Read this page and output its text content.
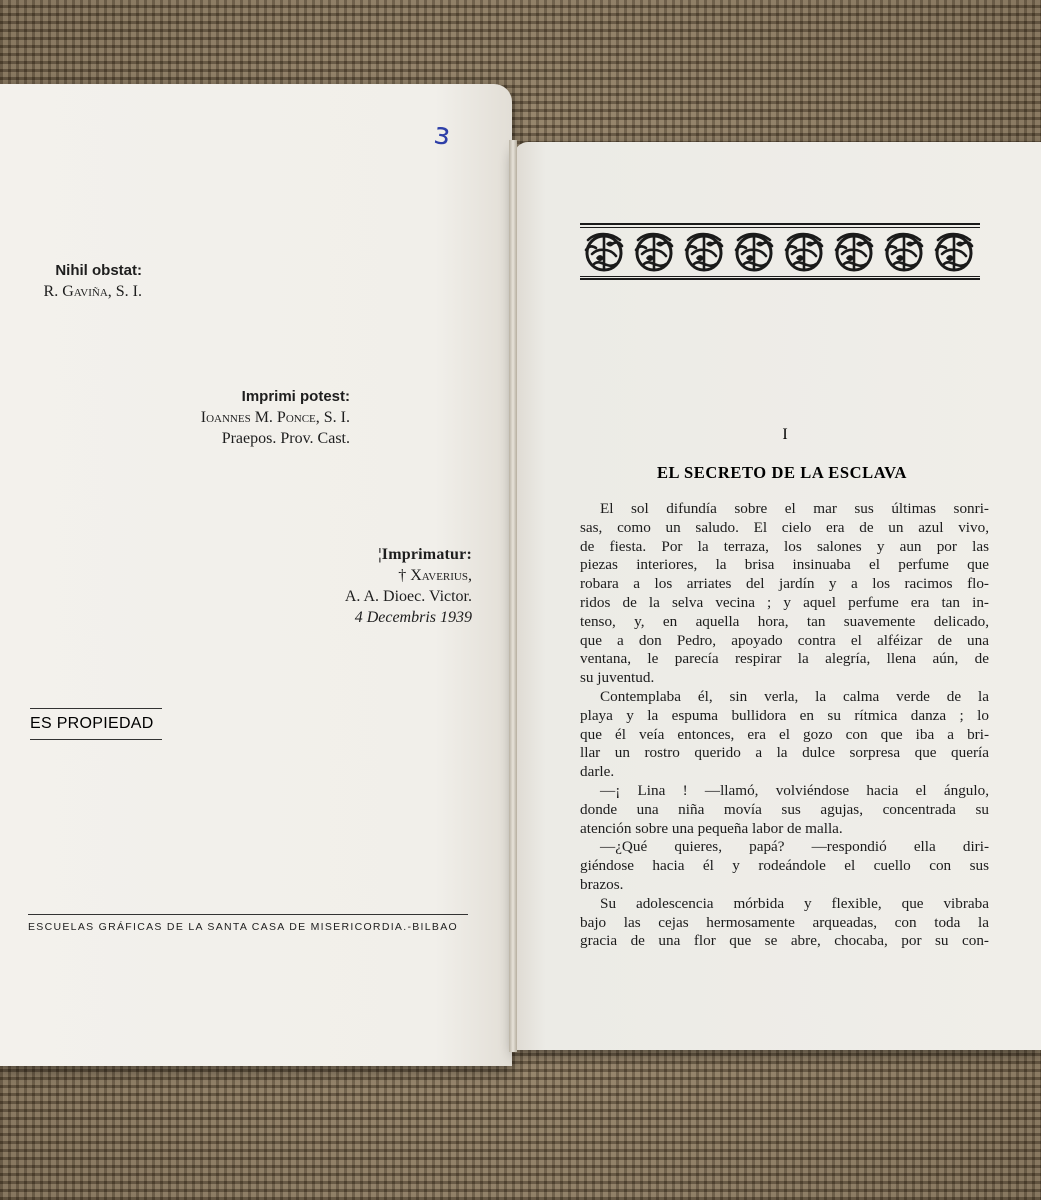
ɜ
Nihil obstat:
R. Gaviña, S. I.
Imprimi potest:
Ioannes M. Ponce, S. I.
Praepos. Prov. Cast.
¦Imprimatur:
† Xaverius,
A. A. Dioec. Victor.
4 Decembris 1939
ES PROPIEDAD
ESCUELAS GRÁFICAS DE LA SANTA CASA DE MISERICORDIA.-BILBAO
I
EL SECRETO DE LA ESCLAVA
El sol difundía sobre el mar sus últimas sonri-
sas, como un saludo. El cielo era de un azul vivo,
de fiesta. Por la terraza, los salones y aun por las
piezas interiores, la brisa insinuaba el perfume que
robara a los arriates del jardín y a los racimos flo-
ridos de la selva vecina ; y aquel perfume era tan in-
tenso, y, en aquella hora, tan suavemente delicado,
que a don Pedro, apoyado contra el alféizar de una
ventana, le parecía respirar la alegría, llena aún, de
su juventud.
Contemplaba él, sin verla, la calma verde de la
playa y la espuma bullidora en su rítmica danza ; lo
que él veía entonces, era el gozo con que iba a bri-
llar un rostro querido a la dulce sorpresa que quería
darle.
—¡ Lina ! —llamó, volviéndose hacia el ángulo,
donde una niña movía sus agujas, concentrada su
atención sobre una pequeña labor de malla.
—¿Qué quieres, papá? —respondió ella diri-
giéndose hacia él y rodeándole el cuello con sus
brazos.
Su adolescencia mórbida y flexible, que vibraba
bajo las cejas hermosamente arqueadas, con toda la
gracia de una flor que se abre, chocaba, por su con-
